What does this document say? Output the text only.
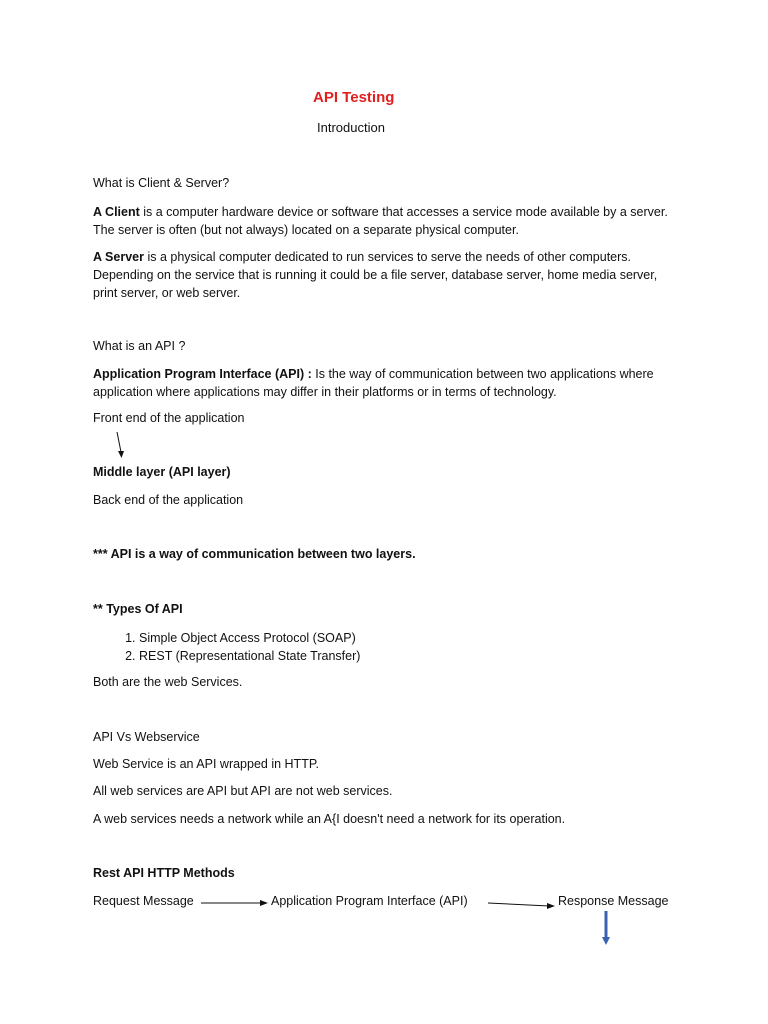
API Testing
Introduction
What is Client & Server?
A Client is a computer hardware device or software that accesses a service mode available by a server. The server is often (but not always) located on a separate physical computer.
A Server is a physical computer dedicated to run services to serve the needs of other computers. Depending on the service that is running it could be a file server, database server, home media server, print server, or web server.
What is an API ?
Application Program Interface (API) : Is the way of communication between two applications where application where applications may differ in their platforms or in terms of technology.
Front end of the application
Middle layer (API layer)
Back end of the application
*** API is a way of communication between two layers.
** Types Of API
1. Simple Object Access Protocol (SOAP)
2. REST (Representational State Transfer)
Both are the web Services.
API Vs Webservice
Web Service is an API wrapped in HTTP.
All web services are API but API are not web services.
A web services needs a network while an A{I doesn't need a network for its operation.
Rest API HTTP Methods
Request Message	Application Program Interface (API)	Response Message
